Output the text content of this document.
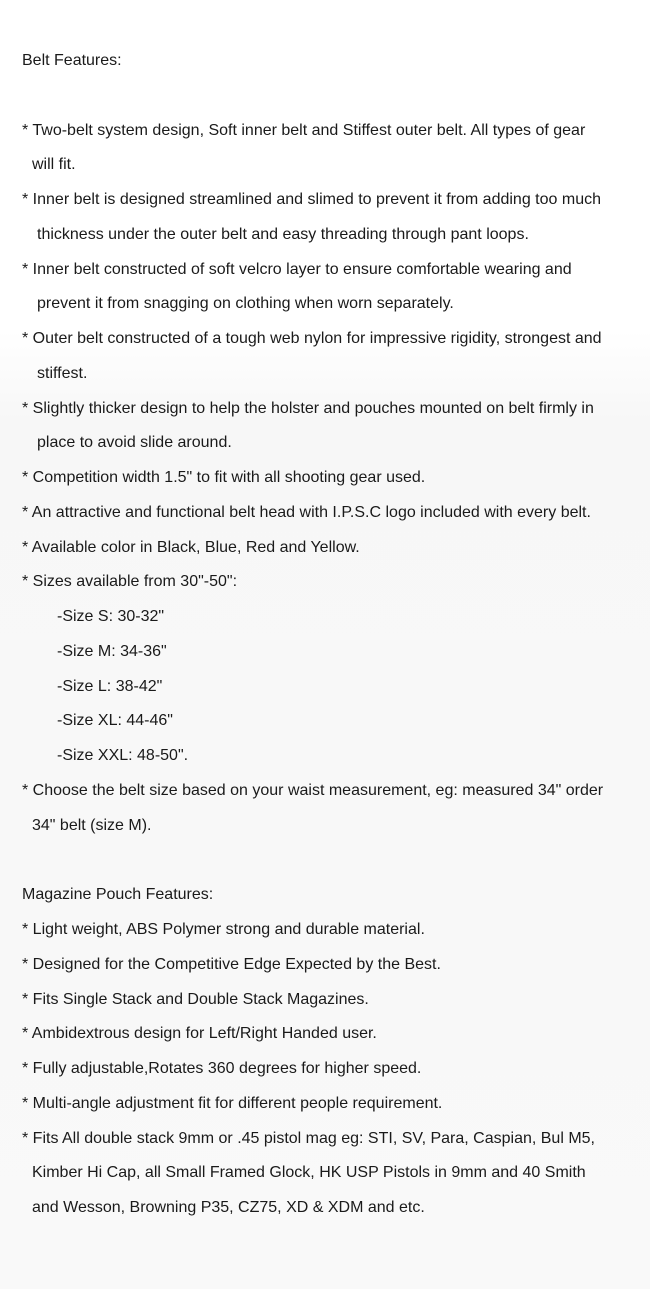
Belt Features:
* Two-belt system design, Soft inner belt and Stiffest outer belt. All types of gear
will fit.
* Inner belt is designed streamlined and slimed to prevent it from adding too much
thickness under the outer belt and easy threading through pant loops.
* Inner belt constructed of soft velcro layer to ensure comfortable wearing and
prevent it from snagging on clothing when worn separately.
* Outer belt constructed of a tough web nylon for impressive rigidity, strongest and
stiffest.
* Slightly thicker design to help the holster and pouches mounted on belt firmly in
place to avoid slide around.
* Competition width 1.5" to fit with all shooting gear used.
* An attractive and functional belt head with I.P.S.C logo included with every belt.
* Available color in Black, Blue, Red and Yellow.
* Sizes available from 30"-50":
-Size S: 30-32"
-Size M: 34-36"
-Size L: 38-42"
-Size XL: 44-46"
-Size XXL: 48-50".
* Choose the belt size based on your waist measurement, eg: measured 34" order
34" belt (size M).
Magazine Pouch Features:
* Light weight, ABS Polymer strong and durable material.
* Designed for the Competitive Edge Expected by the Best.
* Fits Single Stack and Double Stack Magazines.
* Ambidextrous design for Left/Right Handed user.
* Fully adjustable,Rotates 360 degrees for higher speed.
* Multi-angle adjustment fit for different people requirement.
* Fits All double stack 9mm or .45 pistol mag eg: STI, SV, Para, Caspian, Bul M5,
Kimber Hi Cap, all Small Framed Glock, HK USP Pistols in 9mm and 40 Smith
and Wesson, Browning P35, CZ75, XD & XDM and etc.
